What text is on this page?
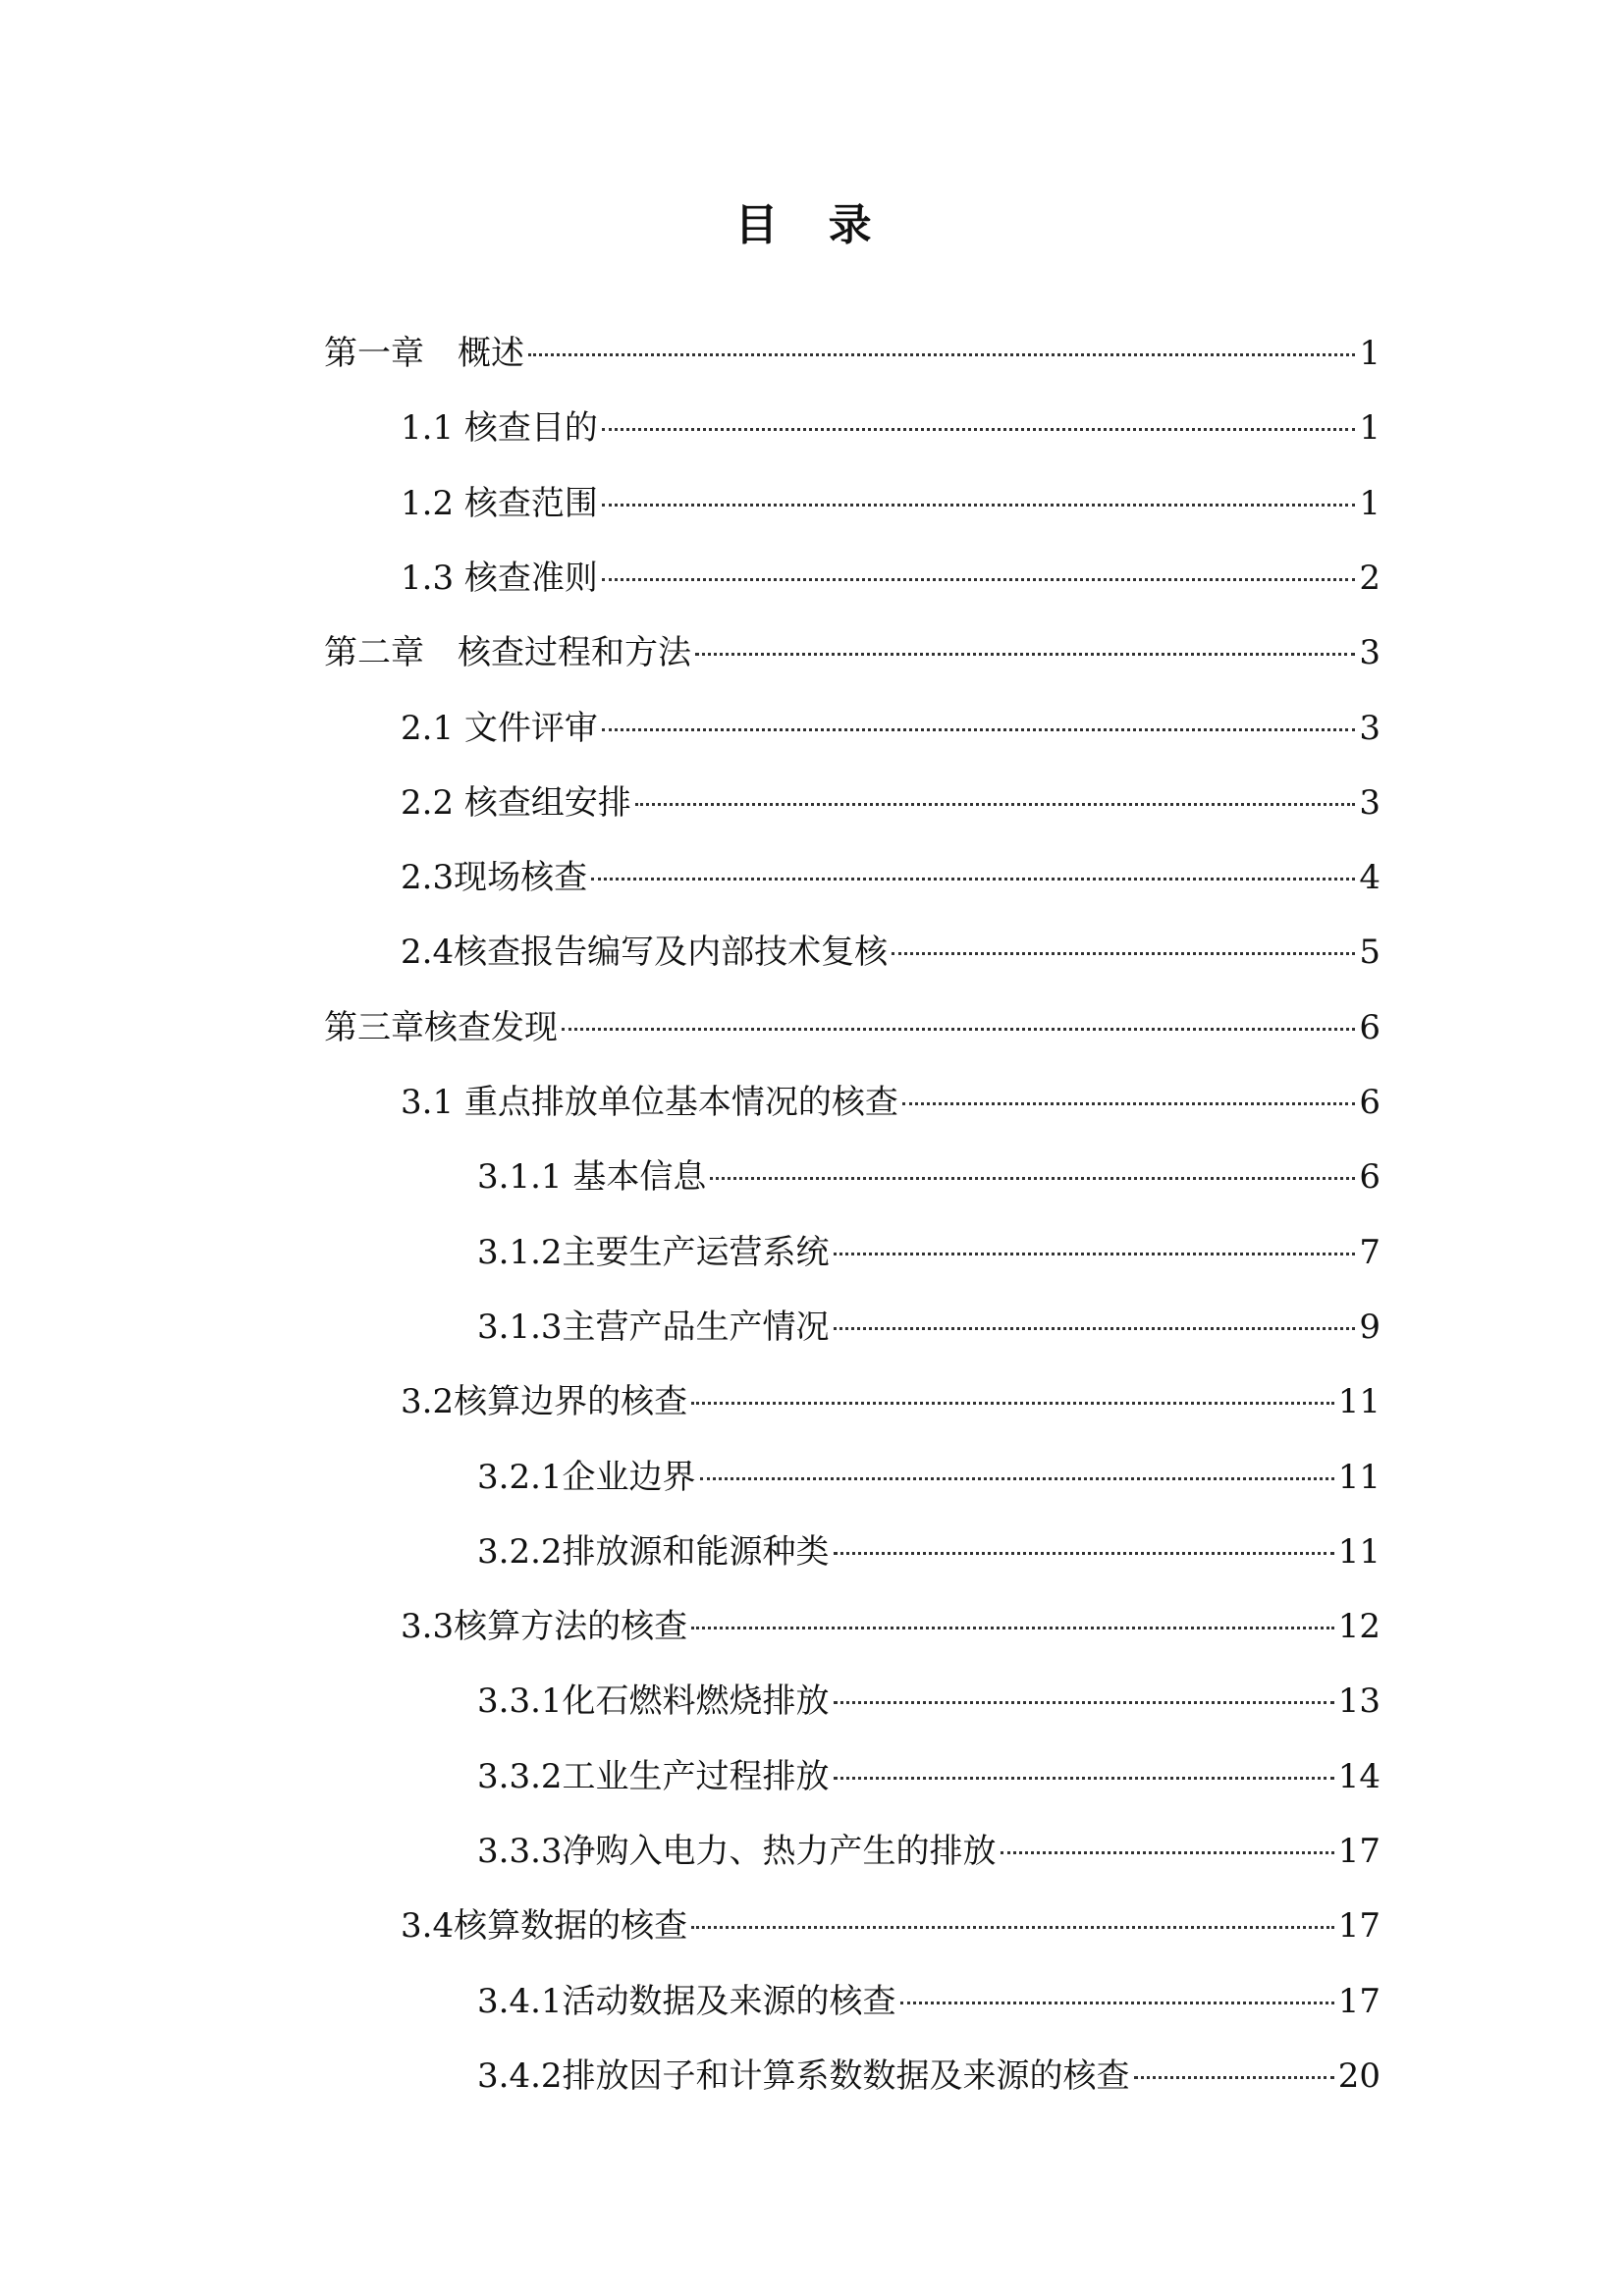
目 录
第一章　概述	1
1.1 核查目的	1
1.2 核查范围	1
1.3 核查准则	2
第二章　核查过程和方法	3
2.1 文件评审	3
2.2 核查组安排	3
2.3现场核查	4
2.4核查报告编写及内部技术复核	5
第三章核查发现	6
3.1 重点排放单位基本情况的核查	6
3.1.1 基本信息	6
3.1.2主要生产运营系统	7
3.1.3主营产品生产情况	9
3.2核算边界的核查	11
3.2.1企业边界	11
3.2.2排放源和能源种类	11
3.3核算方法的核查	12
3.3.1化石燃料燃烧排放	13
3.3.2工业生产过程排放	14
3.3.3净购入电力、热力产生的排放	17
3.4核算数据的核查	17
3.4.1活动数据及来源的核查	17
3.4.2排放因子和计算系数数据及来源的核查	20
